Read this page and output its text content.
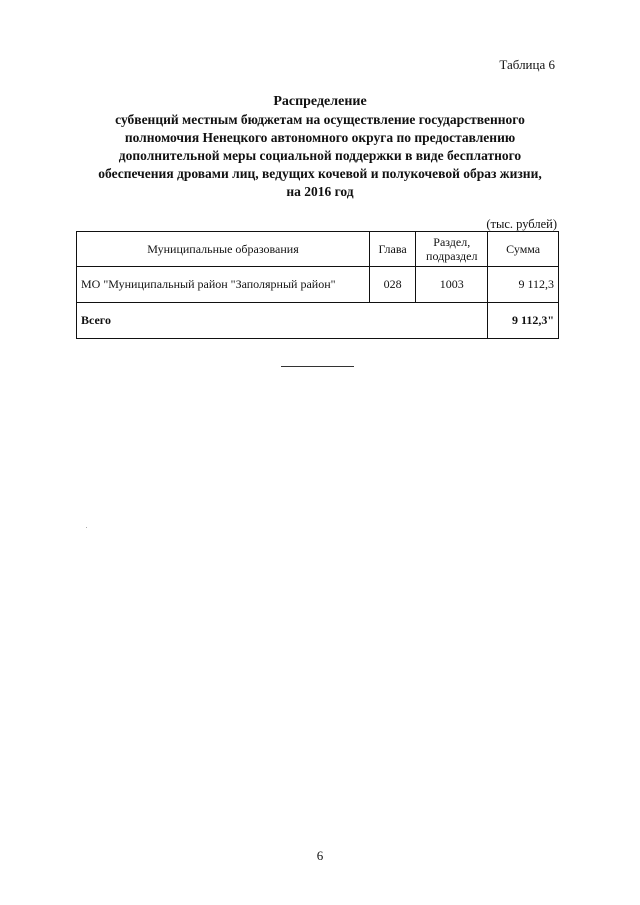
Таблица 6
Распределение
субвенций местным бюджетам на осуществление государственного
полномочия Ненецкого автономного округа по предоставлению
дополнительной меры социальной поддержки в виде бесплатного
обеспечения дровами лиц, ведущих кочевой и полукочевой образ жизни,
на 2016 год
(тыс. рублей)
Муниципальные образования	Глава	Раздел,
подраздел	Сумма
МО "Муниципальный район "Заполярный район"	028	1003	9 112,3
Всего			9 112,3"
6
